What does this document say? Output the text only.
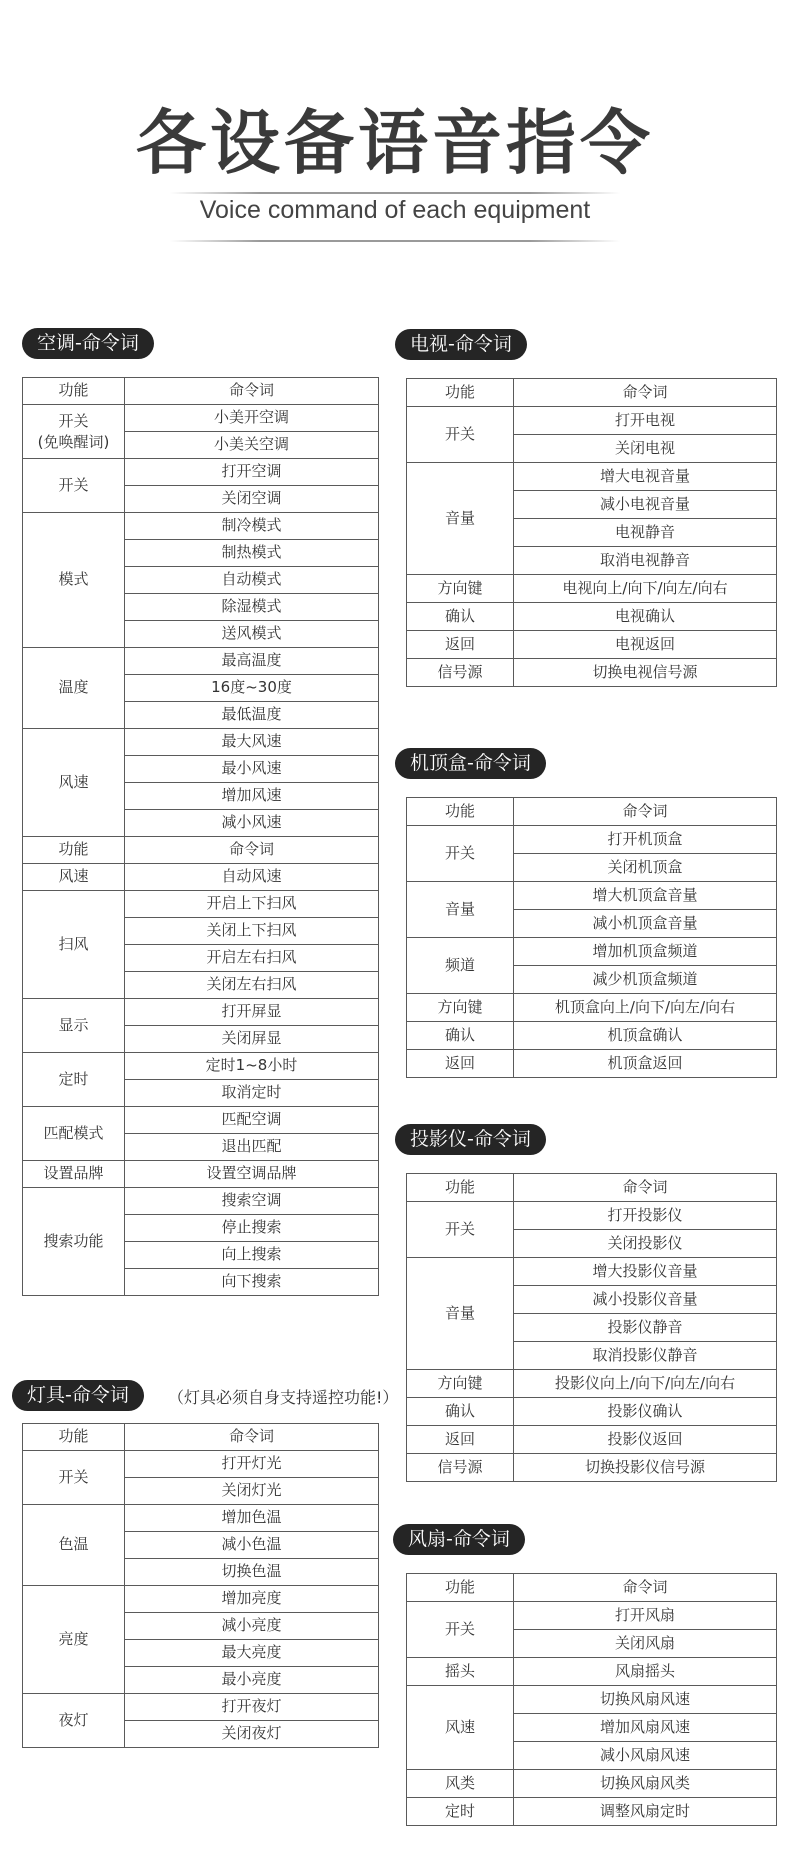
各设备语音指令
Voice command of each equipment
空调-命令词
功能	命令词
开关
(免唤醒词)	小美开空调
	小美关空调
开关	打开空调
	关闭空调
模式	制冷模式
	制热模式
	自动模式
	除湿模式
	送风模式
温度	最高温度
	16度~30度
	最低温度
风速	最大风速
	最小风速
	增加风速
	减小风速
功能	命令词
风速	自动风速
扫风	开启上下扫风
	关闭上下扫风
	开启左右扫风
	关闭左右扫风
显示	打开屏显
	关闭屏显
定时	定时1~8小时
	取消定时
匹配模式	匹配空调
	退出匹配
设置品牌	设置空调品牌
搜索功能	搜索空调
	停止搜索
	向上搜索
	向下搜索
电视-命令词
功能	命令词
开关	打开电视
	关闭电视
音量	增大电视音量
	减小电视音量
	电视静音
	取消电视静音
方向键	电视向上/向下/向左/向右
确认	电视确认
返回	电视返回
信号源	切换电视信号源
机顶盒-命令词
功能	命令词
开关	打开机顶盒
	关闭机顶盒
音量	增大机顶盒音量
	减小机顶盒音量
频道	增加机顶盒频道
	减少机顶盒频道
方向键	机顶盒向上/向下/向左/向右
确认	机顶盒确认
返回	机顶盒返回
投影仪-命令词
功能	命令词
开关	打开投影仪
	关闭投影仪
音量	增大投影仪音量
	减小投影仪音量
	投影仪静音
	取消投影仪静音
方向键	投影仪向上/向下/向左/向右
确认	投影仪确认
返回	投影仪返回
信号源	切换投影仪信号源
灯具-命令词	（灯具必须自身支持遥控功能!）
功能	命令词
开关	打开灯光
	关闭灯光
色温	增加色温
	减小色温
	切换色温
亮度	增加亮度
	减小亮度
	最大亮度
	最小亮度
夜灯	打开夜灯
	关闭夜灯
风扇-命令词
功能	命令词
开关	打开风扇
	关闭风扇
摇头	风扇摇头
风速	切换风扇风速
	增加风扇风速
	减小风扇风速
风类	切换风扇风类
定时	调整风扇定时
